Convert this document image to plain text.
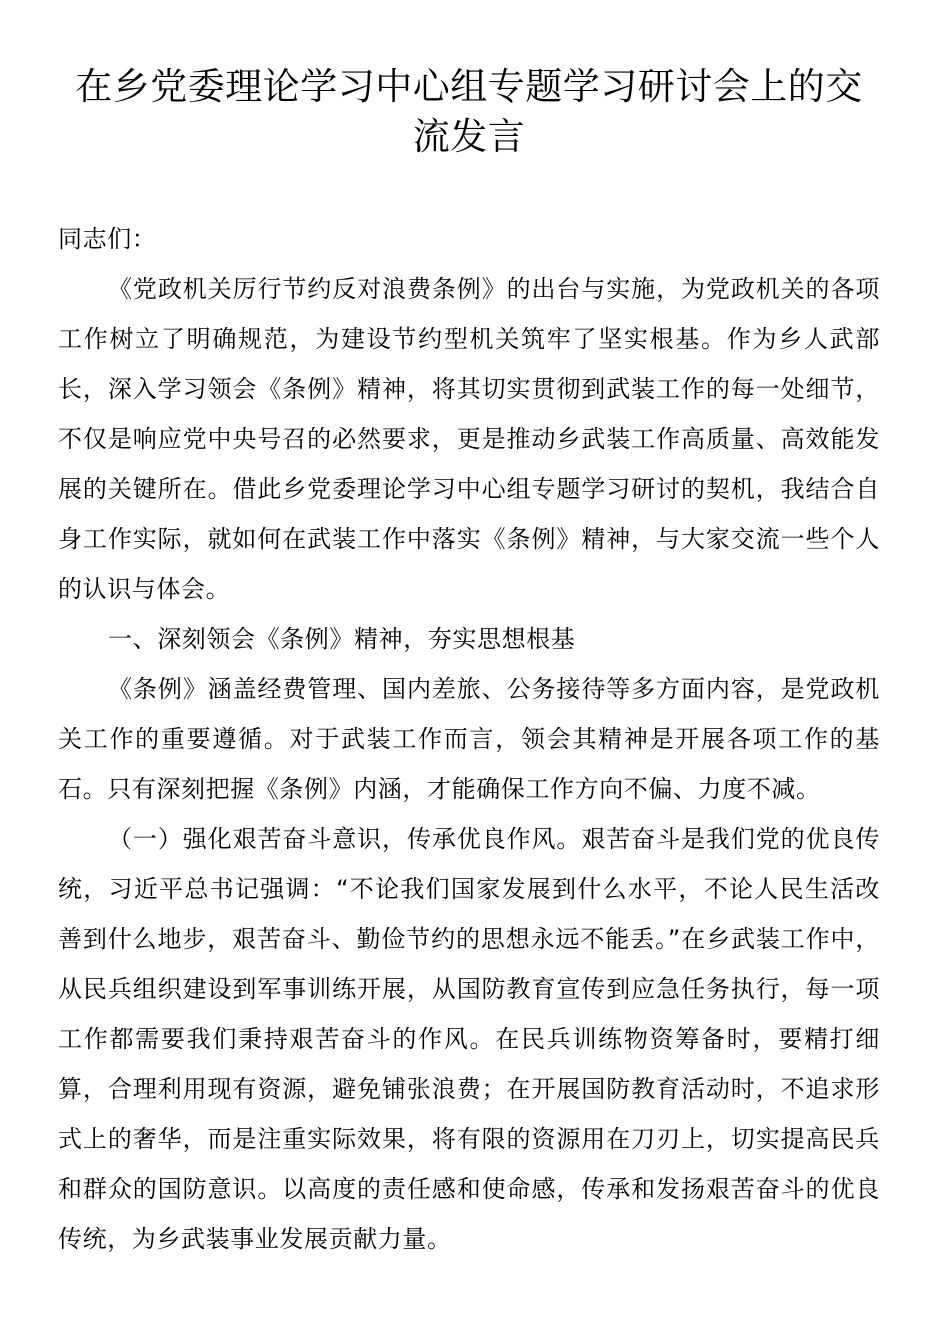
在乡党委理论学习中心组专题学习研讨会上的交流发言

同志们：

《党政机关厉行节约反对浪费条例》的出台与实施，为党政机关的各项工作树立了明确规范，为建设节约型机关筑牢了坚实根基。作为乡人武部长，深入学习领会《条例》精神，将其切实贯彻到武装工作的每一处细节，不仅是响应党中央号召的必然要求，更是推动乡武装工作高质量、高效能发展的关键所在。借此乡党委理论学习中心组专题学习研讨的契机，我结合自身工作实际，就如何在武装工作中落实《条例》精神，与大家交流一些个人的认识与体会。

一、深刻领会《条例》精神，夯实思想根基

《条例》涵盖经费管理、国内差旅、公务接待等多方面内容，是党政机关工作的重要遵循。对于武装工作而言，领会其精神是开展各项工作的基石。只有深刻把握《条例》内涵，才能确保工作方向不偏、力度不减。

（一）强化艰苦奋斗意识，传承优良作风。艰苦奋斗是我们党的优良传统，习近平总书记强调：“不论我们国家发展到什么水平，不论人民生活改善到什么地步，艰苦奋斗、勤俭节约的思想永远不能丢。”在乡武装工作中，从民兵组织建设到军事训练开展，从国防教育宣传到应急任务执行，每一项工作都需要我们秉持艰苦奋斗的作风。在民兵训练物资筹备时，要精打细算，合理利用现有资源，避免铺张浪费；在开展国防教育活动时，不追求形式上的奢华，而是注重实际效果，将有限的资源用在刀刃上，切实提高民兵和群众的国防意识。以高度的责任感和使命感，传承和发扬艰苦奋斗的优良传统，为乡武装事业发展贡献力量。
